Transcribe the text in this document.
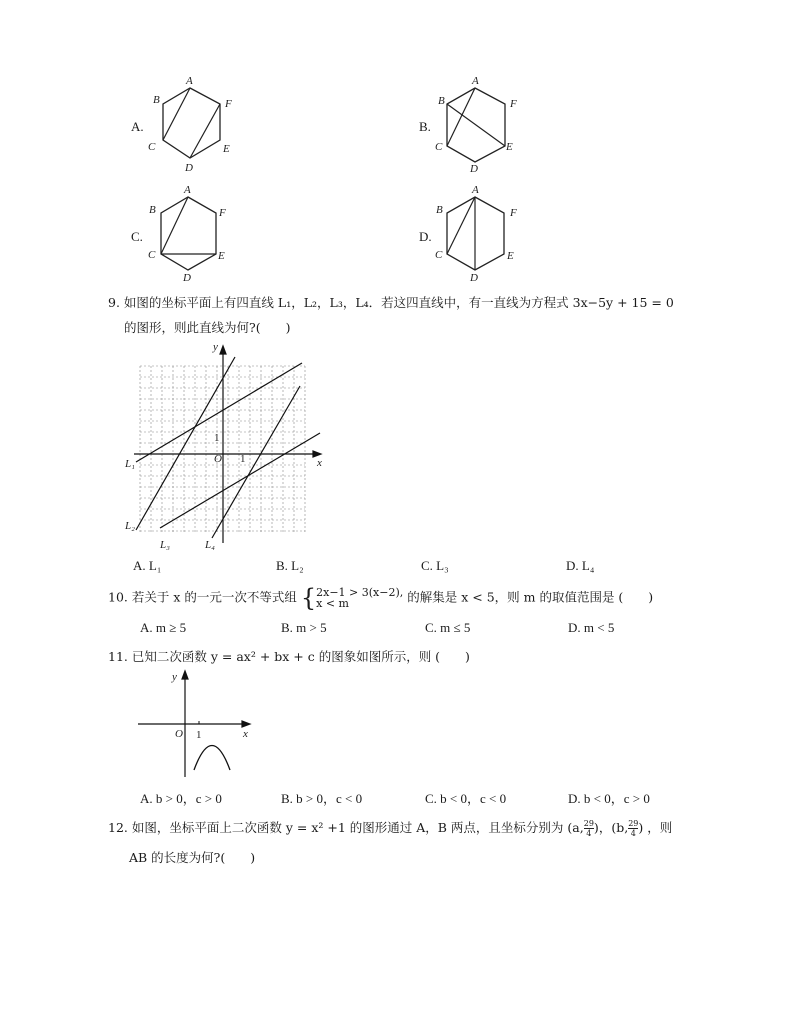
A
B
C
D
E
F
A
B
C
D
E
F
A
B
C
D
E
F
A
B
C
D
E
F
A.	B.
C.	D.
9. 如图的坐标平面上有四直线 L₁，L₂，L₃，L₄．若这四直线中，有一直线为方程式 3x−5y + 15 = 0
的图形，则此直线为何?(　　)
y
x
O 1
1
L₁
L₂
L₃	L₄
A. L₁	B. L₂	C. L₃	D. L₄
10. 若关于 x 的一元一次不等式组 { 2x−1 > 3(x−2),
x < m	的解集是 x < 5，则 m 的取值范围是 (　　)
A. m ≥ 5	B. m > 5	C. m ≤ 5	D. m < 5
11. 已知二次函数 y = ax² + bx + c 的图象如图所示，则 (　　)
y
x
O 1
A. b > 0，c > 0	B. b > 0，c < 0	C. b < 0，c < 0	D. b < 0，c > 0
12. 如图，坐标平面上二次函数 y = x² +1 的图形通过 A，B 两点，且坐标分别为 (a, $\frac{29}{4}$ )，(b, $\frac{29}{4}$ ) ，则
AB 的长度为何?(　　)
